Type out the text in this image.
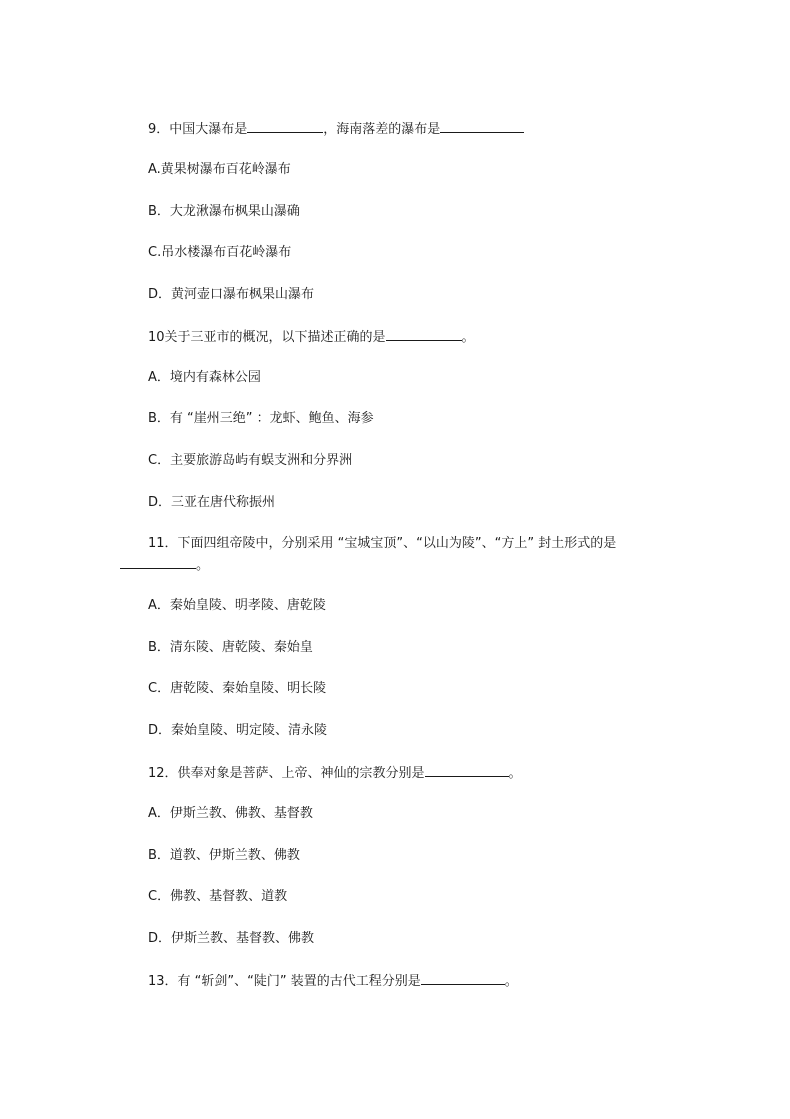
9．中国大瀑布是	，海南落差的瀑布是
A.黄果树瀑布百花岭瀑布
B．大龙湫瀑布枫果山瀑确
C.吊水楼瀑布百花岭瀑布
D．黄河壶口瀑布枫果山瀑布
10关于三亚市的概况，以下描述正确的是	。
A．境内有森林公园
B．有 “崖州三绝” ：龙虾、鲍鱼、海参
C．主要旅游岛屿有蜈支洲和分界洲
D．三亚在唐代称振州
11．下面四组帝陵中，分别采用 “宝城宝顶”、“以山为陵”、“方上” 封土形式的是
。
A．秦始皇陵、明孝陵、唐乾陵
B．清东陵、唐乾陵、秦始皇
C．唐乾陵、秦始皇陵、明长陵
D．秦始皇陵、明定陵、清永陵
12．供奉对象是菩萨、上帝、神仙的宗教分别是	。
A．伊斯兰教、佛教、基督教
B．道教、伊斯兰教、佛教
C．佛教、基督教、道教
D．伊斯兰教、基督教、佛教
13．有 “斩剑”、“陡门” 装置的古代工程分别是	。
